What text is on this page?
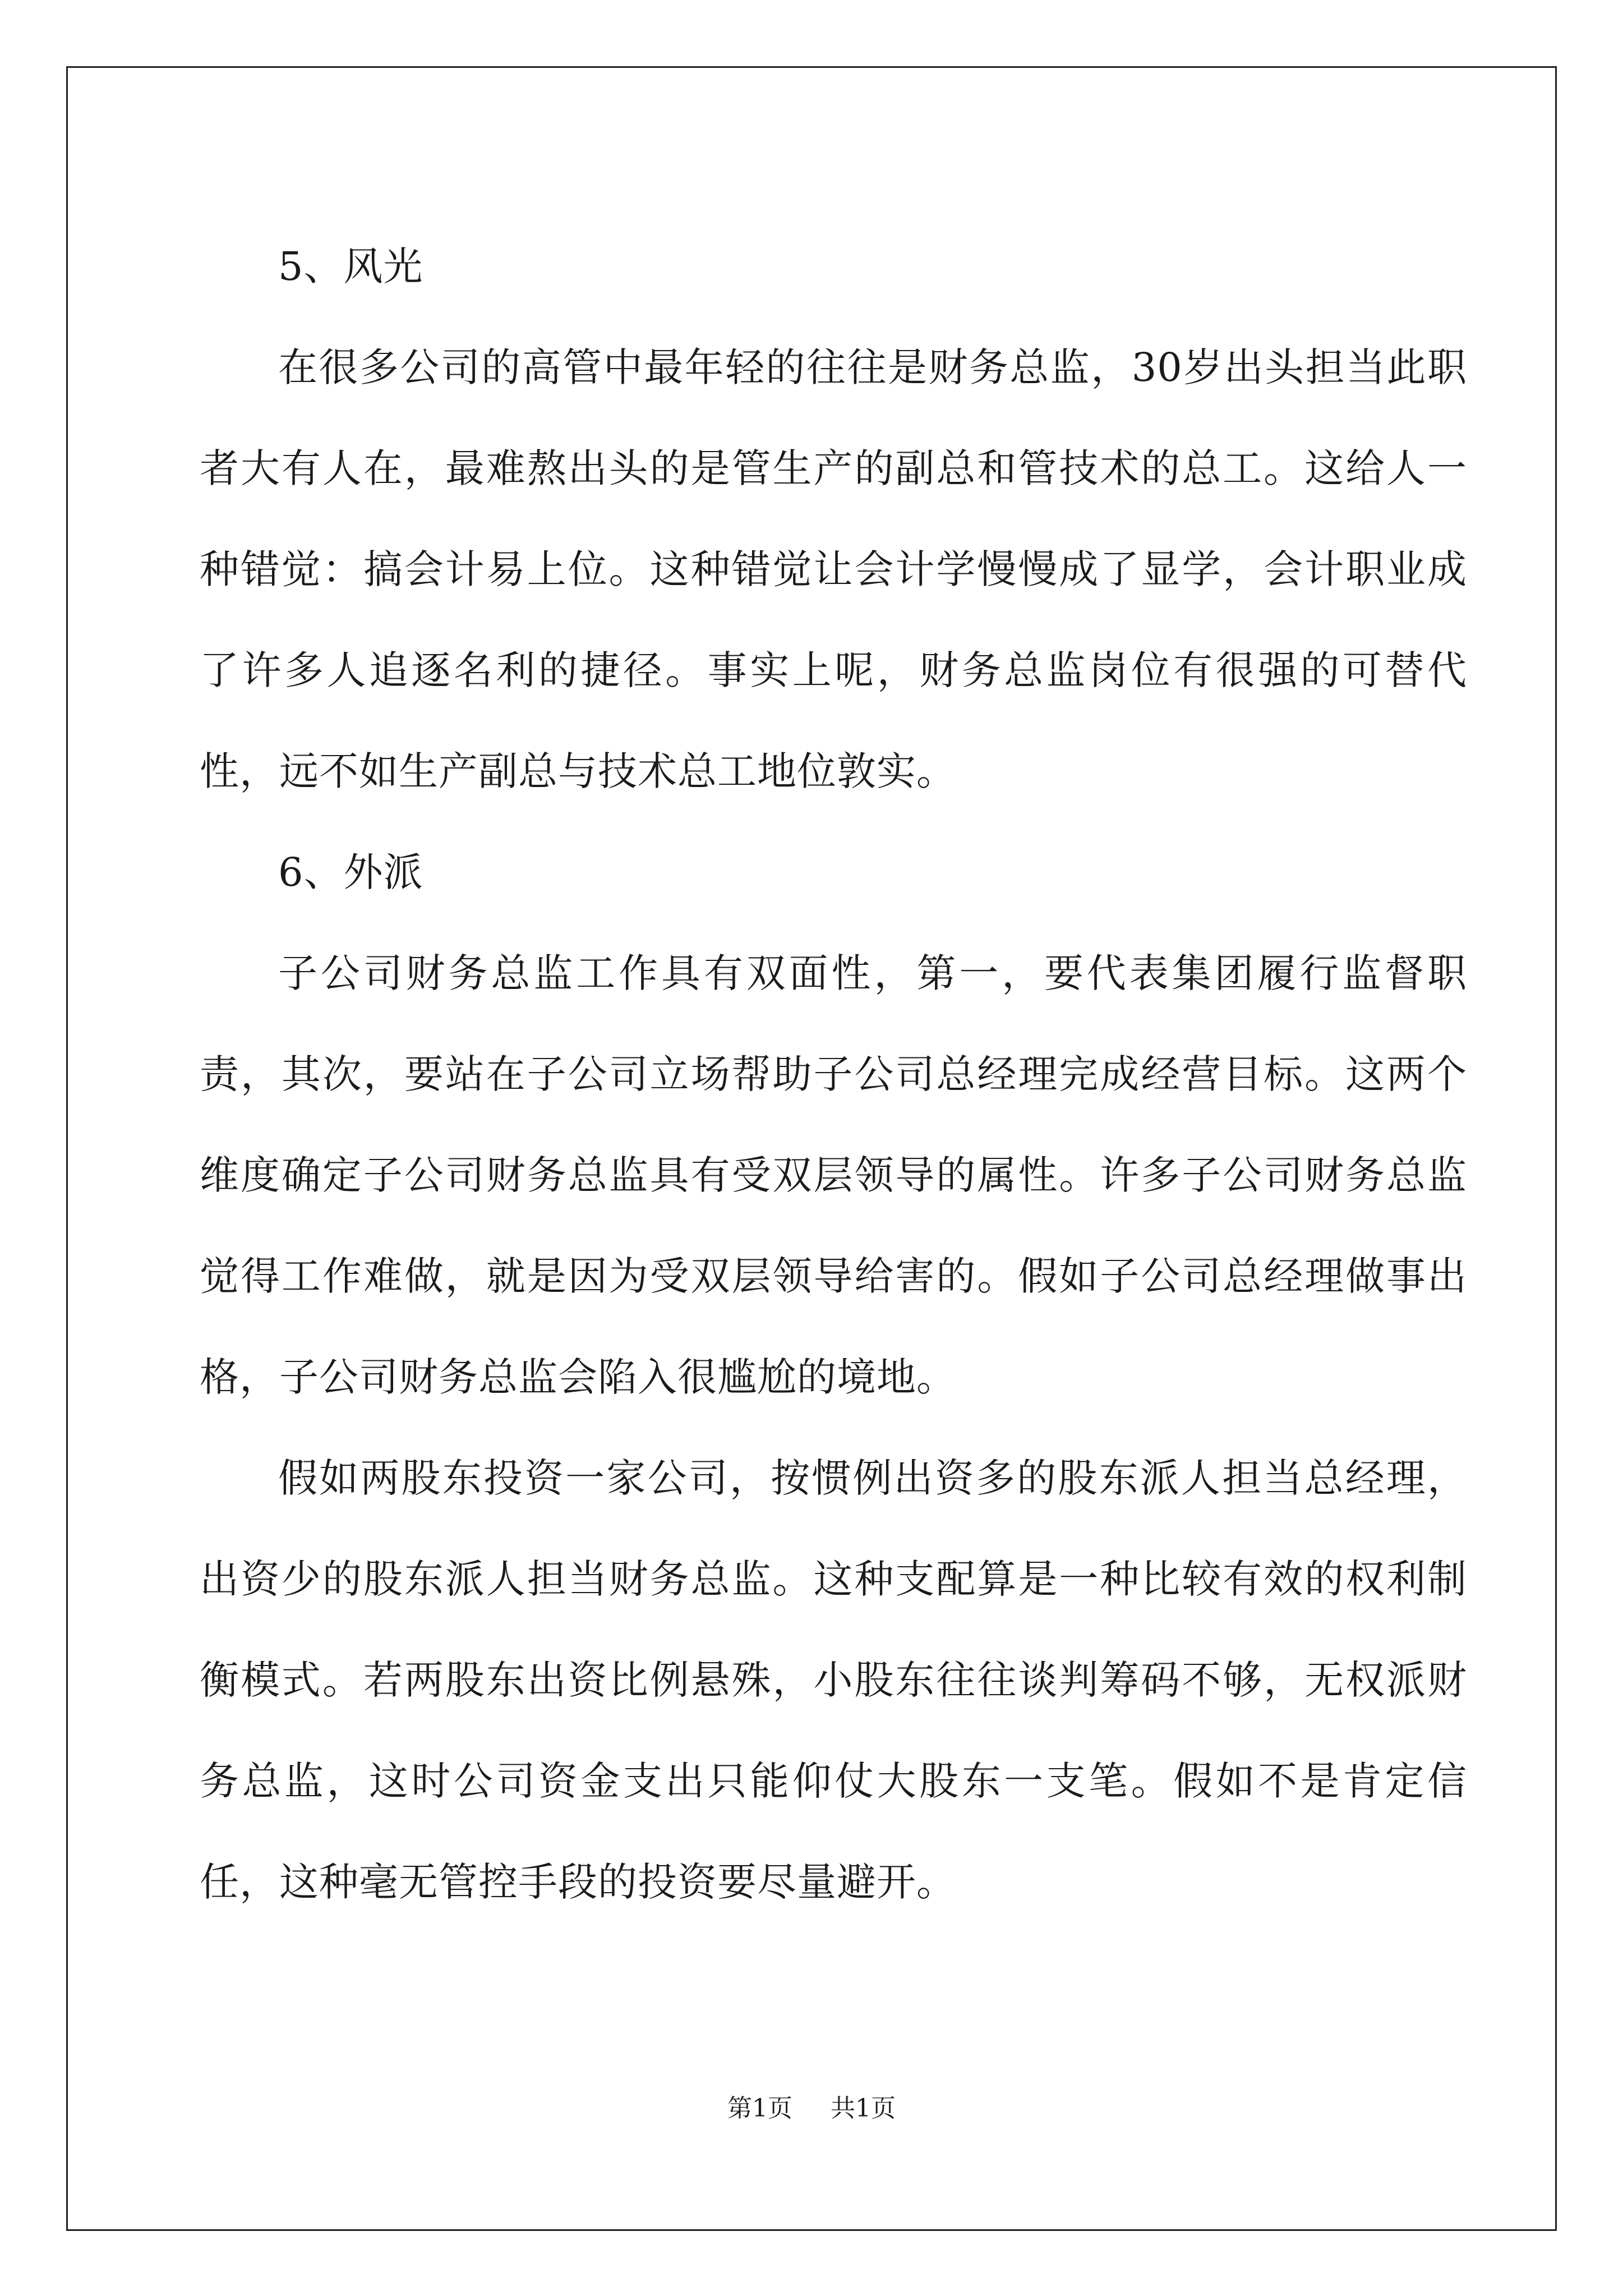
5、风光

在很多公司的高管中最年轻的往往是财务总监，30岁出头担当此职者大有人在，最难熬出头的是管生产的副总和管技术的总工。这给人一种错觉：搞会计易上位。这种错觉让会计学慢慢成了显学，会计职业成了许多人追逐名利的捷径。事实上呢，财务总监岗位有很强的可替代性，远不如生产副总与技术总工地位敦实。

6、外派

子公司财务总监工作具有双面性，第一，要代表集团履行监督职责，其次，要站在子公司立场帮助子公司总经理完成经营目标。这两个维度确定子公司财务总监具有受双层领导的属性。许多子公司财务总监觉得工作难做，就是因为受双层领导给害的。假如子公司总经理做事出格，子公司财务总监会陷入很尴尬的境地。

假如两股东投资一家公司，按惯例出资多的股东派人担当总经理，出资少的股东派人担当财务总监。这种支配算是一种比较有效的权利制衡模式。若两股东出资比例悬殊，小股东往往谈判筹码不够，无权派财务总监，这时公司资金支出只能仰仗大股东一支笔。假如不是肯定信任，这种毫无管控手段的投资要尽量避开。

第1页 共1页
